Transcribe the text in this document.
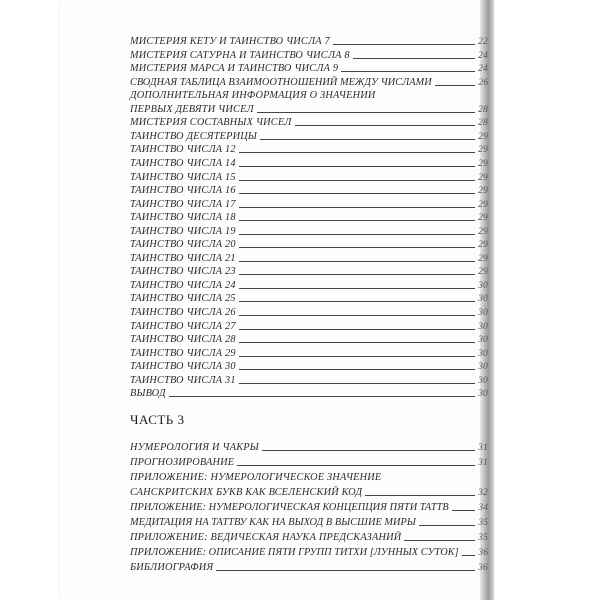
МИСТЕРИЯ КЕТУ И ТАИНСТВО ЧИСЛА 7	22
МИСТЕРИЯ САТУРНА И ТАИНСТВО ЧИСЛА 8	24
МИСТЕРИЯ МАРСА И ТАИНСТВО ЧИСЛА 9	24
СВОДНАЯ ТАБЛИЦА ВЗАИМООТНОШЕНИЙ МЕЖДУ ЧИСЛАМИ	26
ДОПОЛНИТЕЛЬНАЯ ИНФОРМАЦИЯ О ЗНАЧЕНИИ
ПЕРВЫХ ДЕВЯТИ ЧИСЕЛ	28
МИСТЕРИЯ СОСТАВНЫХ ЧИСЕЛ	28
ТАИНСТВО ДЕСЯТЕРИЦЫ	29
ТАИНСТВО ЧИСЛА 12	29
ТАИНСТВО ЧИСЛА 14	29
ТАИНСТВО ЧИСЛА 15	29
ТАИНСТВО ЧИСЛА 16	29
ТАИНСТВО ЧИСЛА 17	29
ТАИНСТВО ЧИСЛА 18	29
ТАИНСТВО ЧИСЛА 19	29
ТАИНСТВО ЧИСЛА 20	29
ТАИНСТВО ЧИСЛА 21	29
ТАИНСТВО ЧИСЛА 23	29
ТАИНСТВО ЧИСЛА 24	30
ТАИНСТВО ЧИСЛА 25	30
ТАИНСТВО ЧИСЛА 26	30
ТАИНСТВО ЧИСЛА 27	30
ТАИНСТВО ЧИСЛА 28	30
ТАИНСТВО ЧИСЛА 29	30
ТАИНСТВО ЧИСЛА 30	30
ТАИНСТВО ЧИСЛА 31	30
ВЫВОД	30
ЧАСТЬ 3
НУМЕРОЛОГИЯ И ЧАКРЫ	31
ПРОГНОЗИРОВАНИЕ	31
ПРИЛОЖЕНИЕ: НУМЕРОЛОГИЧЕСКОЕ ЗНАЧЕНИЕ
САНСКРИТСКИХ БУКВ КАК ВСЕЛЕНСКИЙ КОД	32
ПРИЛОЖЕНИЕ: НУМЕРОЛОГИЧЕСКАЯ КОНЦЕПЦИЯ ПЯТИ ТАТТВ	34
МЕДИТАЦИЯ НА ТАТТВУ КАК НА ВЫХОД В ВЫСШИЕ МИРЫ	35
ПРИЛОЖЕНИЕ: ВЕДИЧЕСКАЯ НАУКА ПРЕДСКАЗАНИЙ	35
ПРИЛОЖЕНИЕ: ОПИСАНИЕ ПЯТИ ГРУПП ТИТХИ [ЛУННЫХ СУТОК] 36
БИБЛИОГРАФИЯ	36
